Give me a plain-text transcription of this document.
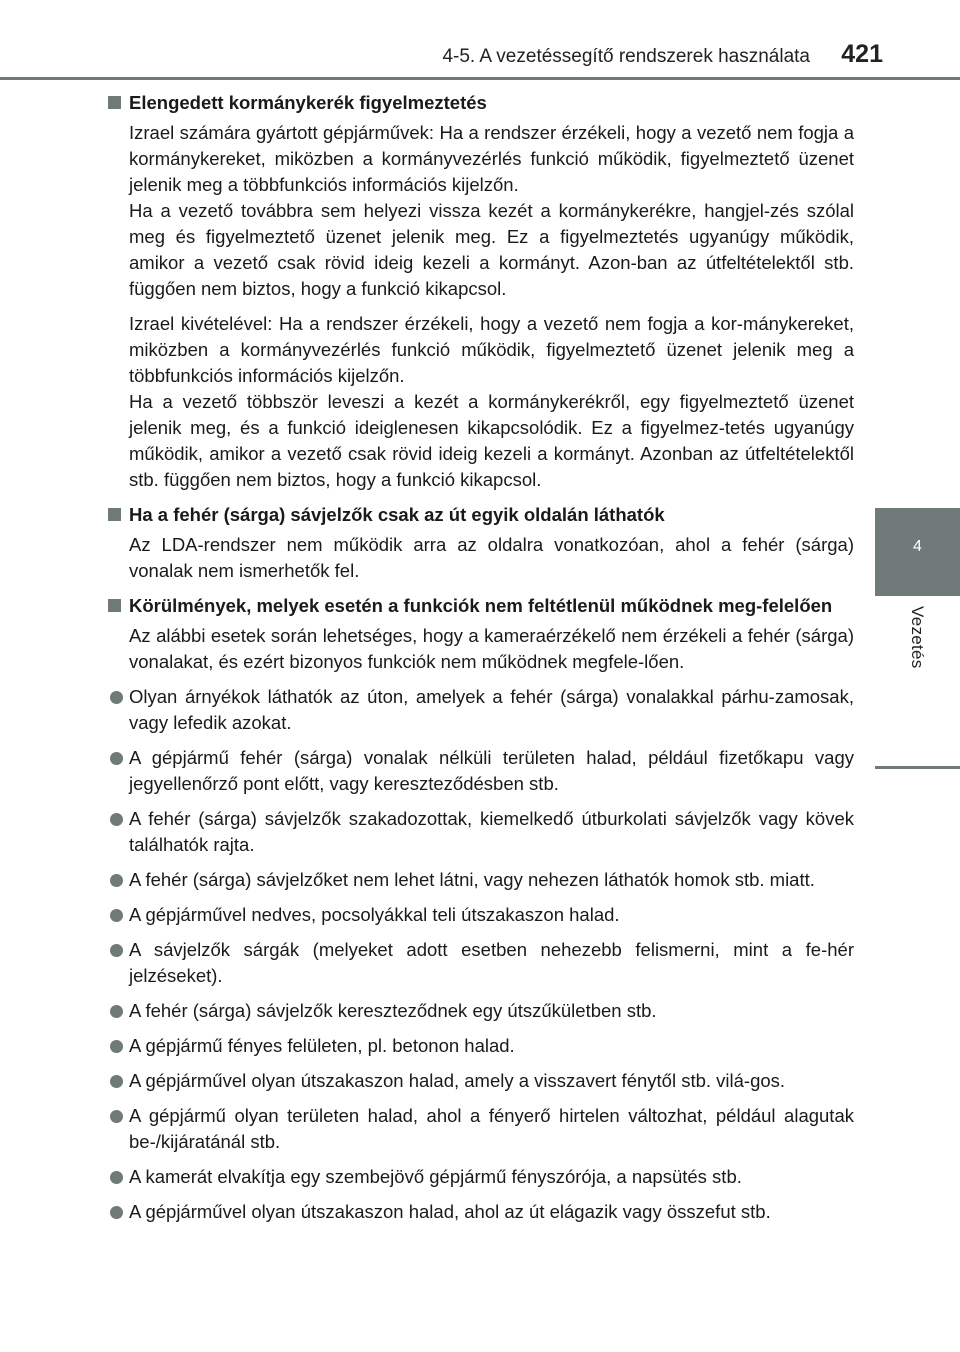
4-5. A vezetéssegítő rendszerek használata 421
4
Vezetés
Elengedett kormánykerék figyelmeztetés

Izrael számára gyártott gépjárművek: Ha a rendszer érzékeli, hogy a vezető nem fogja a kormánykereket, miközben a kormányvezérlés funkció működik, figyelmeztető üzenet jelenik meg a többfunkciós információs kijelzőn.

Ha a vezető továbbra sem helyezi vissza kezét a kormánykerékre, hangjel-zés szólal meg és figyelmeztető üzenet jelenik meg. Ez a figyelmeztetés ugyanúgy működik, amikor a vezető csak rövid ideig kezeli a kormányt. Azon-ban az útfeltételektől stb. függően nem biztos, hogy a funkció kikapcsol.

Izrael kivételével: Ha a rendszer érzékeli, hogy a vezető nem fogja a kor-mánykereket, miközben a kormányvezérlés funkció működik, figyelmeztető üzenet jelenik meg a többfunkciós információs kijelzőn.

Ha a vezető többször leveszi a kezét a kormánykerékről, egy figyelmeztető üzenet jelenik meg, és a funkció ideiglenesen kikapcsolódik. Ez a figyelmez-tetés ugyanúgy működik, amikor a vezető csak rövid ideig kezeli a kormányt. Azonban az útfeltételektől stb. függően nem biztos, hogy a funkció kikapcsol.

Ha a fehér (sárga) sávjelzők csak az út egyik oldalán láthatók

Az LDA-rendszer nem működik arra az oldalra vonatkozóan, ahol a fehér (sárga) vonalak nem ismerhetők fel.

Körülmények, melyek esetén a funkciók nem feltétlenül működnek meg-felelően

Az alábbi esetek során lehetséges, hogy a kameraérzékelő nem érzékeli a fehér (sárga) vonalakat, és ezért bizonyos funkciók nem működnek megfele-lően.

Olyan árnyékok láthatók az úton, amelyek a fehér (sárga) vonalakkal párhu-zamosak, vagy lefedik azokat.
A gépjármű fehér (sárga) vonalak nélküli területen halad, például fizetőkapu vagy jegyellenőrző pont előtt, vagy kereszteződésben stb.
A fehér (sárga) sávjelzők szakadozottak, kiemelkedő útburkolati sávjelzők vagy kövek találhatók rajta.
A fehér (sárga) sávjelzőket nem lehet látni, vagy nehezen láthatók homok stb. miatt.
A gépjárművel nedves, pocsolyákkal teli útszakaszon halad.
A sávjelzők sárgák (melyeket adott esetben nehezebb felismerni, mint a fe-hér jelzéseket).
A fehér (sárga) sávjelzők kereszteződnek egy útszűkületben stb.
A gépjármű fényes felületen, pl. betonon halad.
A gépjárművel olyan útszakaszon halad, amely a visszavert fénytől stb. vilá-gos.
A gépjármű olyan területen halad, ahol a fényerő hirtelen változhat, például alagutak be-/kijáratánál stb.
A kamerát elvakítja egy szembejövő gépjármű fényszórója, a napsütés stb.
A gépjárművel olyan útszakaszon halad, ahol az út elágazik vagy összefut stb.
